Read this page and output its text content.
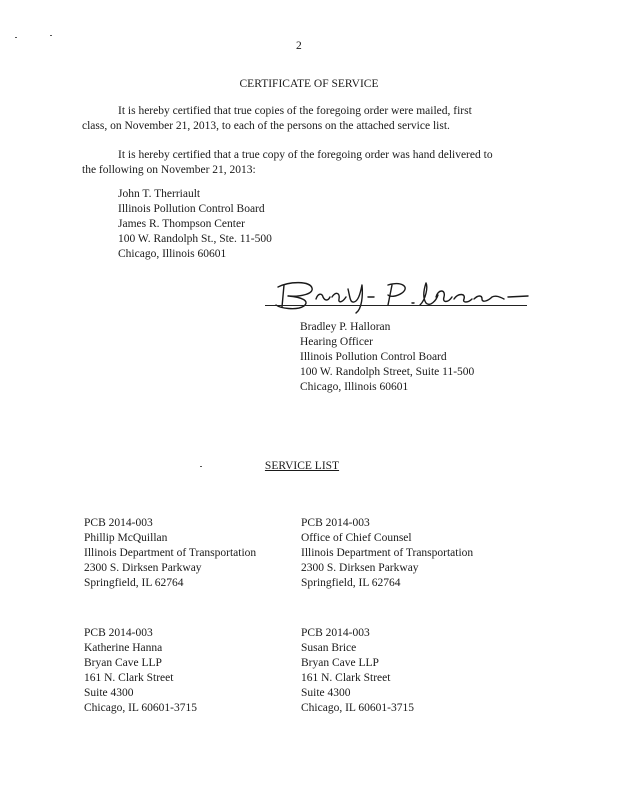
2
CERTIFICATE OF SERVICE
It is hereby certified that true copies of the foregoing order were mailed, first
class, on November 21, 2013, to each of the persons on the attached service list.
It is hereby certified that a true copy of the foregoing order was hand delivered to
the following on November 21, 2013:
John T. Therriault
Illinois Pollution Control Board
James R. Thompson Center
100 W. Randolph St., Ste. 11-500
Chicago, Illinois 60601
Bradley P. Halloran
Hearing Officer
Illinois Pollution Control Board
100 W. Randolph Street, Suite 11-500
Chicago, Illinois 60601
SERVICE LIST
PCB 2014-003
Phillip McQuillan
Illinois Department of Transportation
2300 S. Dirksen Parkway
Springfield, IL 62764
PCB 2014-003
Office of Chief Counsel
Illinois Department of Transportation
2300 S. Dirksen Parkway
Springfield, IL 62764
PCB 2014-003
Katherine Hanna
Bryan Cave LLP
161 N. Clark Street
Suite 4300
Chicago, IL 60601-3715
PCB 2014-003
Susan Brice
Bryan Cave LLP
161 N. Clark Street
Suite 4300
Chicago, IL 60601-3715
